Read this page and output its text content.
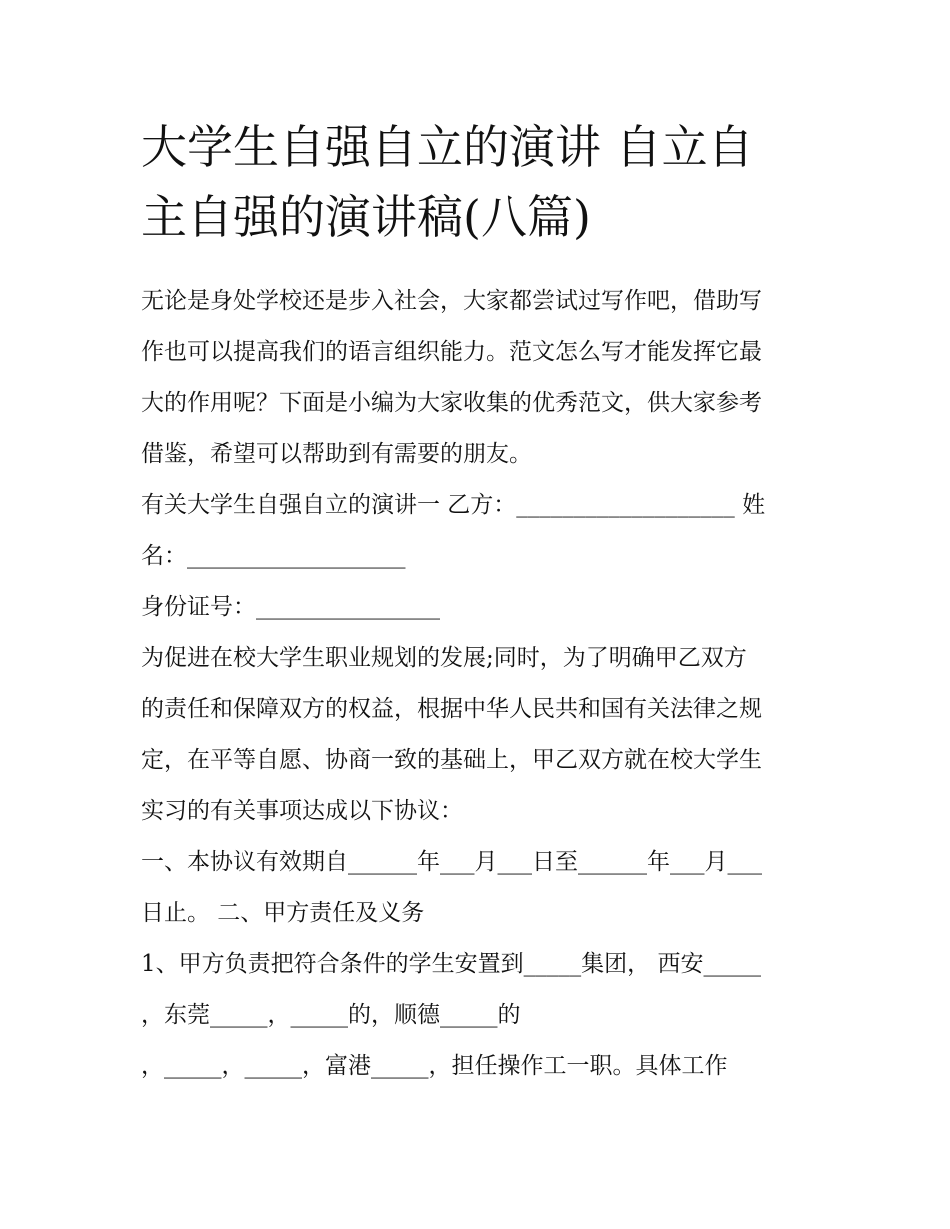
大学生自强自立的演讲 自立自
主自强的演讲稿(八篇)
无论是身处学校还是步入社会，大家都尝试过写作吧，借助写
作也可以提高我们的语言组织能力。范文怎么写才能发挥它最
大的作用呢？下面是小编为大家收集的优秀范文，供大家参考
借鉴，希望可以帮助到有需要的朋友。
有关大学生自强自立的演讲一 乙方：___________________ 姓
名：___________________
身份证号：________________
为促进在校大学生职业规划的发展;同时，为了明确甲乙双方
的责任和保障双方的权益，根据中华人民共和国有关法律之规
定，在平等自愿、协商一致的基础上，甲乙双方就在校大学生
实习的有关事项达成以下协议：
一、本协议有效期自______年___月___日至______年___月___
日止。 二、甲方责任及义务
1、甲方负责把符合条件的学生安置到_____集团， 西安_____
，东莞_____，_____的，顺德_____的
，_____，_____，富港_____，担任操作工一职。具体工作
